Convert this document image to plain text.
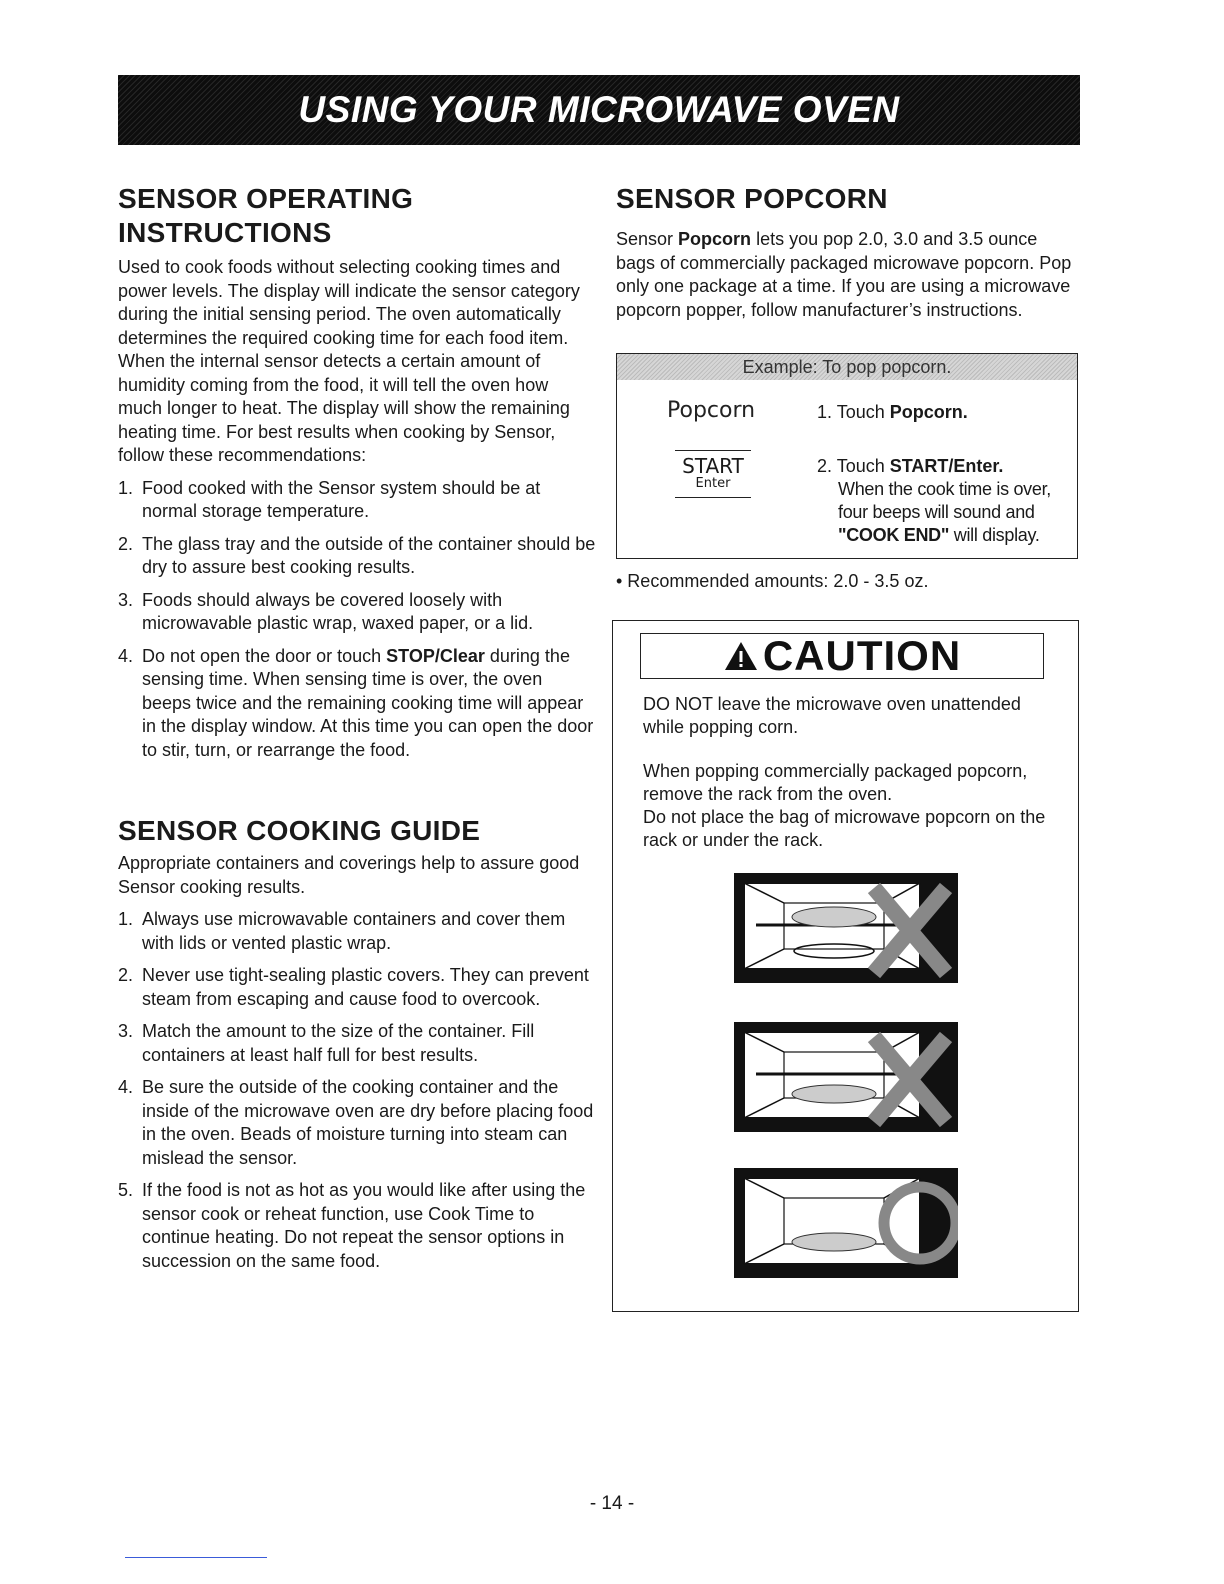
USING YOUR MICROWAVE OVEN
SENSOR OPERATING
INSTRUCTIONS

Used to cook foods without selecting cooking times and power levels. The display will indicate the sensor category during the initial sensing period. The oven automatically determines the required cooking time for each food item.

When the internal sensor detects a certain amount of humidity coming from the food, it will tell the oven how much longer to heat. The display will show the remaining heating time. For best results when cooking by Sensor, follow these recommendations:

1. Food cooked with the Sensor system should be at normal storage temperature.
2. The glass tray and the outside of the container should be dry to assure best cooking results.
3. Foods should always be covered loosely with microwavable plastic wrap, waxed paper, or a lid.
4. Do not open the door or touch STOP/Clear during the sensing time. When sensing time is over, the oven beeps twice and the remaining cooking time will appear in the display window. At this time you can open the door to stir, turn, or rearrange the food.
SENSOR COOKING GUIDE

Appropriate containers and coverings help to assure good Sensor cooking results.

1. Always use microwavable containers and cover them with lids or vented plastic wrap.
2. Never use tight-sealing plastic covers. They can prevent steam from escaping and cause food to overcook.
3. Match the amount to the size of the container. Fill containers at least half full for best results.
4. Be sure the outside of the cooking container and the inside of the microwave oven are dry before placing food in the oven. Beads of moisture turning into steam can mislead the sensor.
5. If the food is not as hot as you would like after using the sensor cook or reheat function, use Cook Time to continue heating. Do not repeat the sensor options in succession on the same food.
SENSOR POPCORN

Sensor Popcorn lets you pop 2.0, 3.0 and 3.5 ounce bags of commercially packaged microwave popcorn. Pop only one package at a time. If you are using a microwave popcorn popper, follow manufacturer’s instructions.

Example: To pop popcorn.
Popcorn
START
Enter
1. Touch Popcorn.
2. Touch START/Enter.
When the cook time is over,
four beeps will sound and
"COOK END" will display.
• Recommended amounts: 2.0 - 3.5 oz.
CAUTION

DO NOT leave the microwave oven unattended while popping corn.

When popping commercially packaged popcorn, remove the rack from the oven.
Do not place the bag of microwave popcorn on the rack or under the rack.
- 14 -
